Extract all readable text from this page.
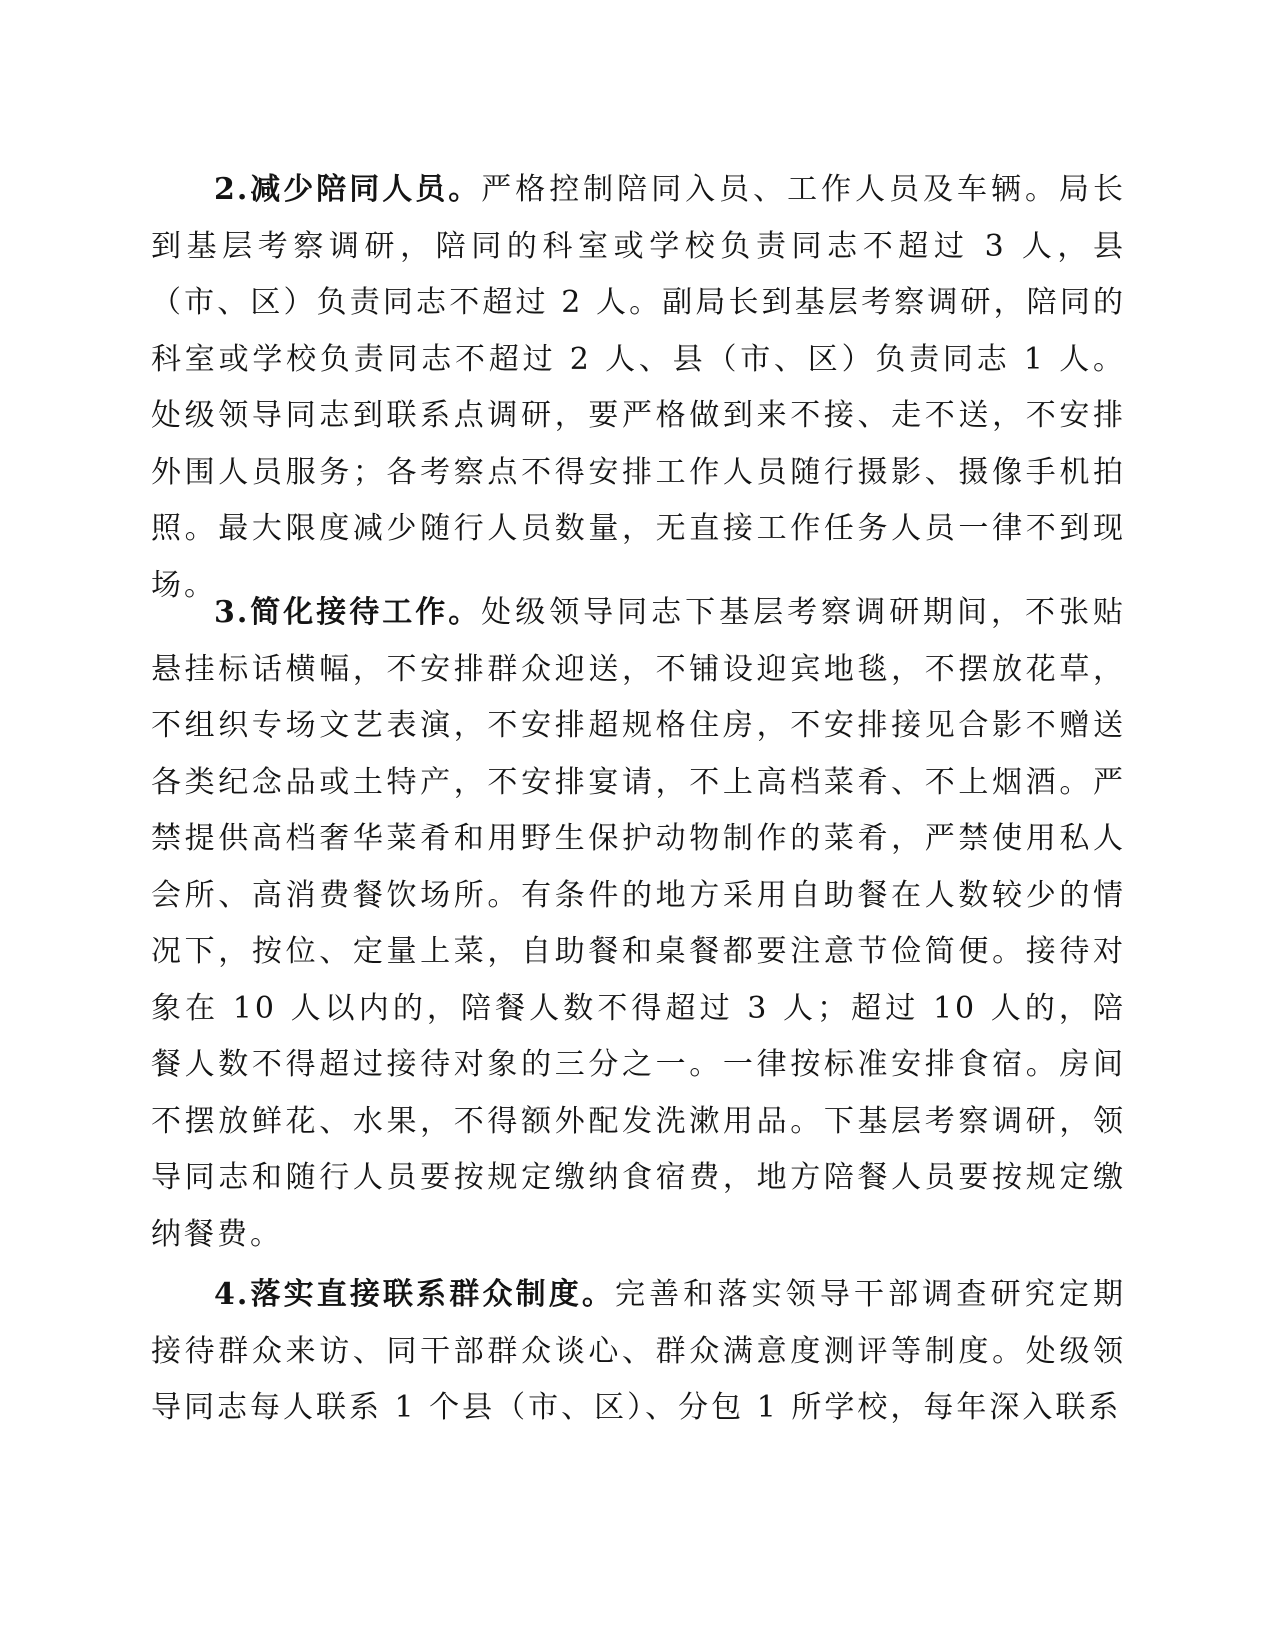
2.减少陪同人员。严格控制陪同入员、工作人员及车辆。局长到基层考察调研，陪同的科室或学校负责同志不超过 3 人，县（市、区）负责同志不超过 2 人。副局长到基层考察调研，陪同的科室或学校负责同志不超过 2 人、县（市、区）负责同志 1 人。处级领导同志到联系点调研，要严格做到来不接、走不送，不安排外围人员服务；各考察点不得安排工作人员随行摄影、摄像手机拍照。最大限度减少随行人员数量，无直接工作任务人员一律不到现场。

3.简化接待工作。处级领导同志下基层考察调研期间，不张贴悬挂标话横幅，不安排群众迎送，不铺设迎宾地毯，不摆放花草，不组织专场文艺表演，不安排超规格住房，不安排接见合影不赠送各类纪念品或土特产，不安排宴请，不上高档菜肴、不上烟酒。严禁提供高档奢华菜肴和用野生保护动物制作的菜肴，严禁使用私人会所、高消费餐饮场所。有条件的地方采用自助餐在人数较少的情况下，按位、定量上菜，自助餐和桌餐都要注意节俭简便。接待对象在 10 人以内的，陪餐人数不得超过 3 人；超过 10 人的，陪餐人数不得超过接待对象的三分之一。一律按标准安排食宿。房间不摆放鲜花、水果，不得额外配发洗漱用品。下基层考察调研，领导同志和随行人员要按规定缴纳食宿费，地方陪餐人员要按规定缴纳餐费。

4.落实直接联系群众制度。完善和落实领导干部调查研究定期接待群众来访、同干部群众谈心、群众满意度测评等制度。处级领导同志每人联系 1 个县（市、区）、分包 1 所学校，每年深入联系
